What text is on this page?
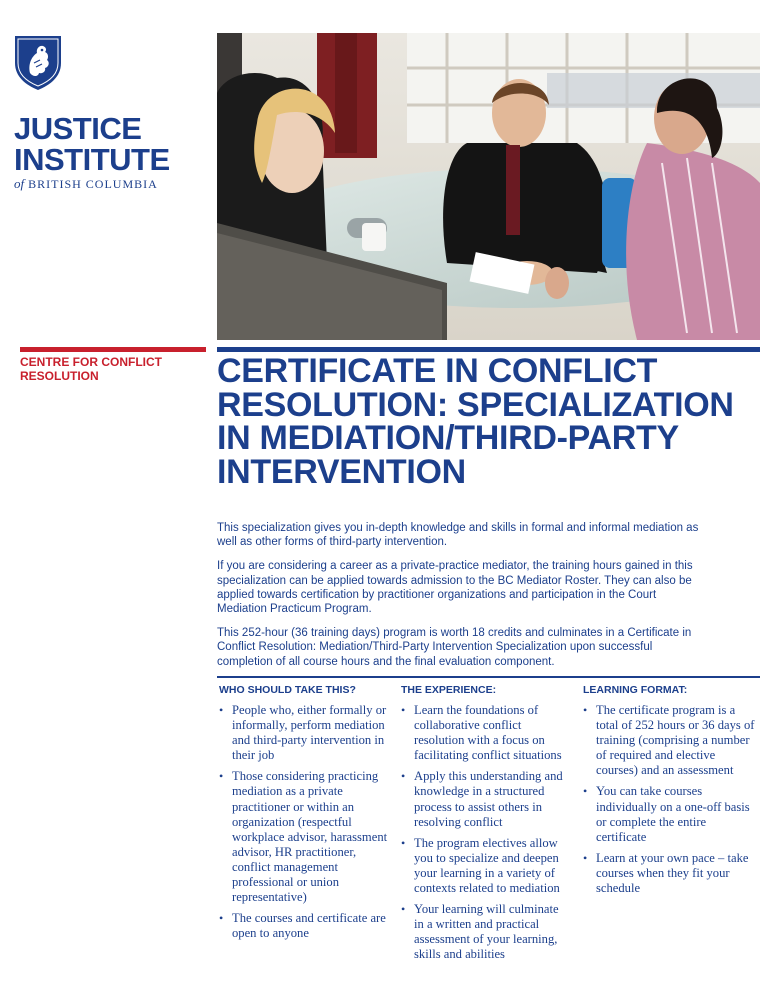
JUSTICE
INSTITUTE
of BRITISH COLUMBIA
CENTRE FOR CONFLICT RESOLUTION	CERTIFICATE IN CONFLICT RESOLUTION: SPECIALIZATION IN MEDIATION/THIRD-PARTY INTERVENTION

This specialization gives you in-depth knowledge and skills in formal and informal mediation as well as other forms of third-party intervention.

If you are considering a career as a private-practice mediator, the training hours gained in this specialization can be applied towards admission to the BC Mediator Roster. They can also be applied towards certification by practitioner organizations and participation in the Court Mediation Practicum Program.

This 252-hour (36 training days) program is worth 18 credits and culminates in a Certificate in Conflict Resolution: Mediation/Third-Party Intervention Specialization upon successful completion of all course hours and the final evaluation component.

WHO SHOULD TAKE THIS?
• People who, either formally or informally, perform mediation and third-party intervention in their job
• Those considering practicing mediation as a private practitioner or within an organization (respectful workplace advisor, harassment advisor, HR practitioner, conflict management professional or union representative)
• The courses and certificate are open to anyone
THE EXPERIENCE:
• Learn the foundations of collaborative conflict resolution with a focus on facilitating conflict situations
• Apply this understanding and knowledge in a structured process to assist others in resolving conflict
• The program electives allow you to specialize and deepen your learning in a variety of contexts related to mediation
• Your learning will culminate in a written and practical assessment of your learning, skills and abilities
LEARNING FORMAT:
• The certificate program is a total of 252 hours or 36 days of training (comprising a number of required and elective courses) and an assessment
• You can take courses individually on a one-off basis or complete the entire certificate
• Learn at your own pace – take courses when they fit your schedule
